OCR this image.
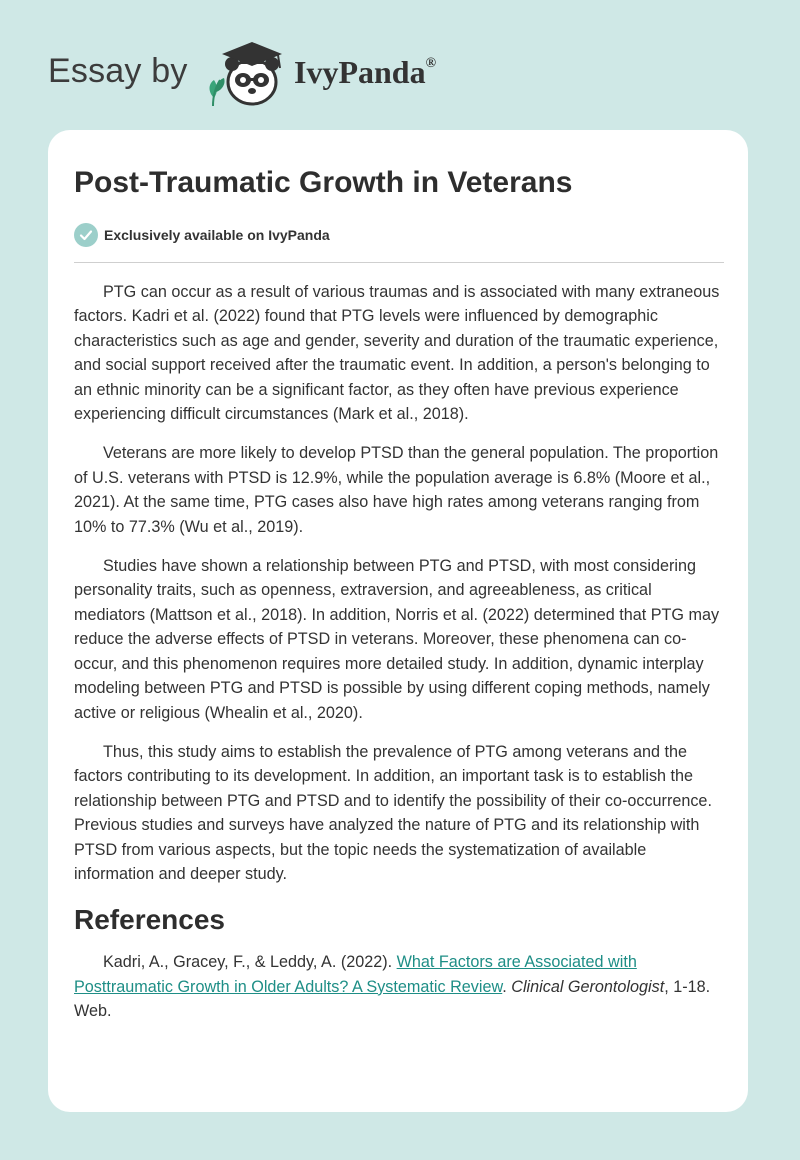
Essay by	IvyPanda®
Post-Traumatic Growth in Veterans
Exclusively available on IvyPanda

PTG can occur as a result of various traumas and is associated with many extraneous factors. Kadri et al. (2022) found that PTG levels were influenced by demographic characteristics such as age and gender, severity and duration of the traumatic experience, and social support received after the traumatic event. In addition, a person's belonging to an ethnic minority can be a significant factor, as they often have previous experience experiencing difficult circumstances (Mark et al., 2018).

Veterans are more likely to develop PTSD than the general population. The proportion of U.S. veterans with PTSD is 12.9%, while the population average is 6.8% (Moore et al., 2021). At the same time, PTG cases also have high rates among veterans ranging from 10% to 77.3% (Wu et al., 2019).

Studies have shown a relationship between PTG and PTSD, with most considering personality traits, such as openness, extraversion, and agreeableness, as critical mediators (Mattson et al., 2018). In addition, Norris et al. (2022) determined that PTG may reduce the adverse effects of PTSD in veterans. Moreover, these phenomena can co-occur, and this phenomenon requires more detailed study. In addition, dynamic interplay modeling between PTG and PTSD is possible by using different coping methods, namely active or religious (Whealin et al., 2020).

Thus, this study aims to establish the prevalence of PTG among veterans and the factors contributing to its development. In addition, an important task is to establish the relationship between PTG and PTSD and to identify the possibility of their co-occurrence. Previous studies and surveys have analyzed the nature of PTG and its relationship with PTSD from various aspects, but the topic needs the systematization of available information and deeper study.

References

Kadri, A., Gracey, F., & Leddy, A. (2022). What Factors are Associated with Posttraumatic Growth in Older Adults? A Systematic Review. Clinical Gerontologist, 1-18. Web.
